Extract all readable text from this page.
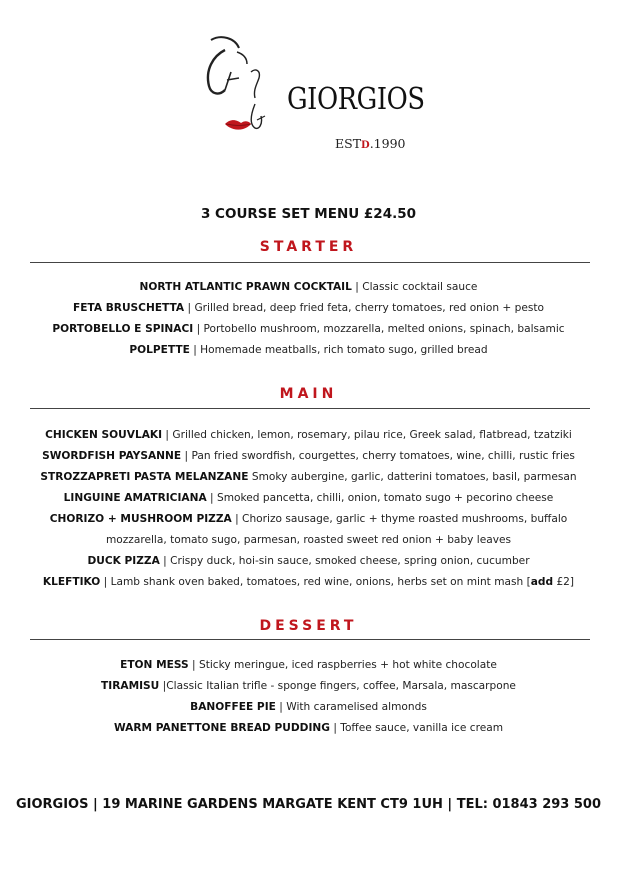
GIORGIOS
ESTD.1990
3 COURSE SET MENU £24.50
STARTER
NORTH ATLANTIC PRAWN COCKTAIL | Classic cocktail sauce
FETA BRUSCHETTA | Grilled bread, deep fried feta, cherry tomatoes, red onion + pesto
PORTOBELLO E SPINACI | Portobello mushroom, mozzarella, melted onions, spinach, balsamic
POLPETTE | Homemade meatballs, rich tomato sugo, grilled bread
MAIN
CHICKEN SOUVLAKI | Grilled chicken, lemon, rosemary, pilau rice, Greek salad, flatbread, tzatziki
SWORDFISH PAYSANNE | Pan fried swordfish, courgettes, cherry tomatoes, wine, chilli, rustic fries
STROZZAPRETI PASTA MELANZANE Smoky aubergine, garlic, datterini tomatoes, basil, parmesan
LINGUINE AMATRICIANA | Smoked pancetta, chilli, onion, tomato sugo + pecorino cheese
CHORIZO + MUSHROOM PIZZA | Chorizo sausage, garlic + thyme roasted mushrooms, buffalo mozzarella, tomato sugo, parmesan, roasted sweet red onion + baby leaves
DUCK PIZZA | Crispy duck, hoi-sin sauce, smoked cheese, spring onion, cucumber
KLEFTIKO | Lamb shank oven baked, tomatoes, red wine, onions, herbs set on mint mash [add £2]
DESSERT
ETON MESS | Sticky meringue, iced raspberries + hot white chocolate
TIRAMISU |Classic Italian trifle - sponge fingers, coffee, Marsala, mascarpone
BANOFFEE PIE | With caramelised almonds
WARM PANETTONE BREAD PUDDING | Toffee sauce, vanilla ice cream
GIORGIOS | 19 MARINE GARDENS MARGATE KENT CT9 1UH | TEL: 01843 293 500
